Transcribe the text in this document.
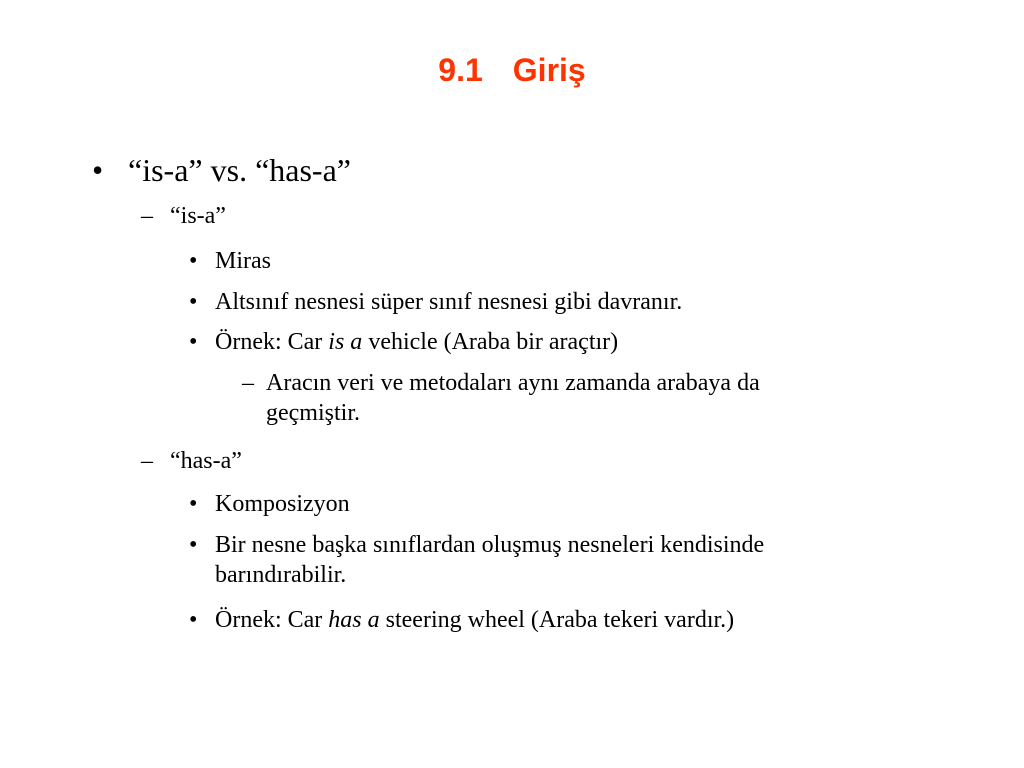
9.1 Giriş
• “is-a” vs. “has-a”
– “is-a”
• Miras
• Altsınıf nesnesi süper sınıf nesnesi gibi davranır.
• Örnek: Car is a vehicle (Araba bir araçtır)
– Aracın veri ve metodaları aynı zamanda arabaya da
geçmiştir.
– “has-a”
• Komposizyon
• Bir nesne başka sınıflardan oluşmuş nesneleri kendisinde
barındırabilir.
• Örnek: Car has a steering wheel (Araba tekeri vardır.)
